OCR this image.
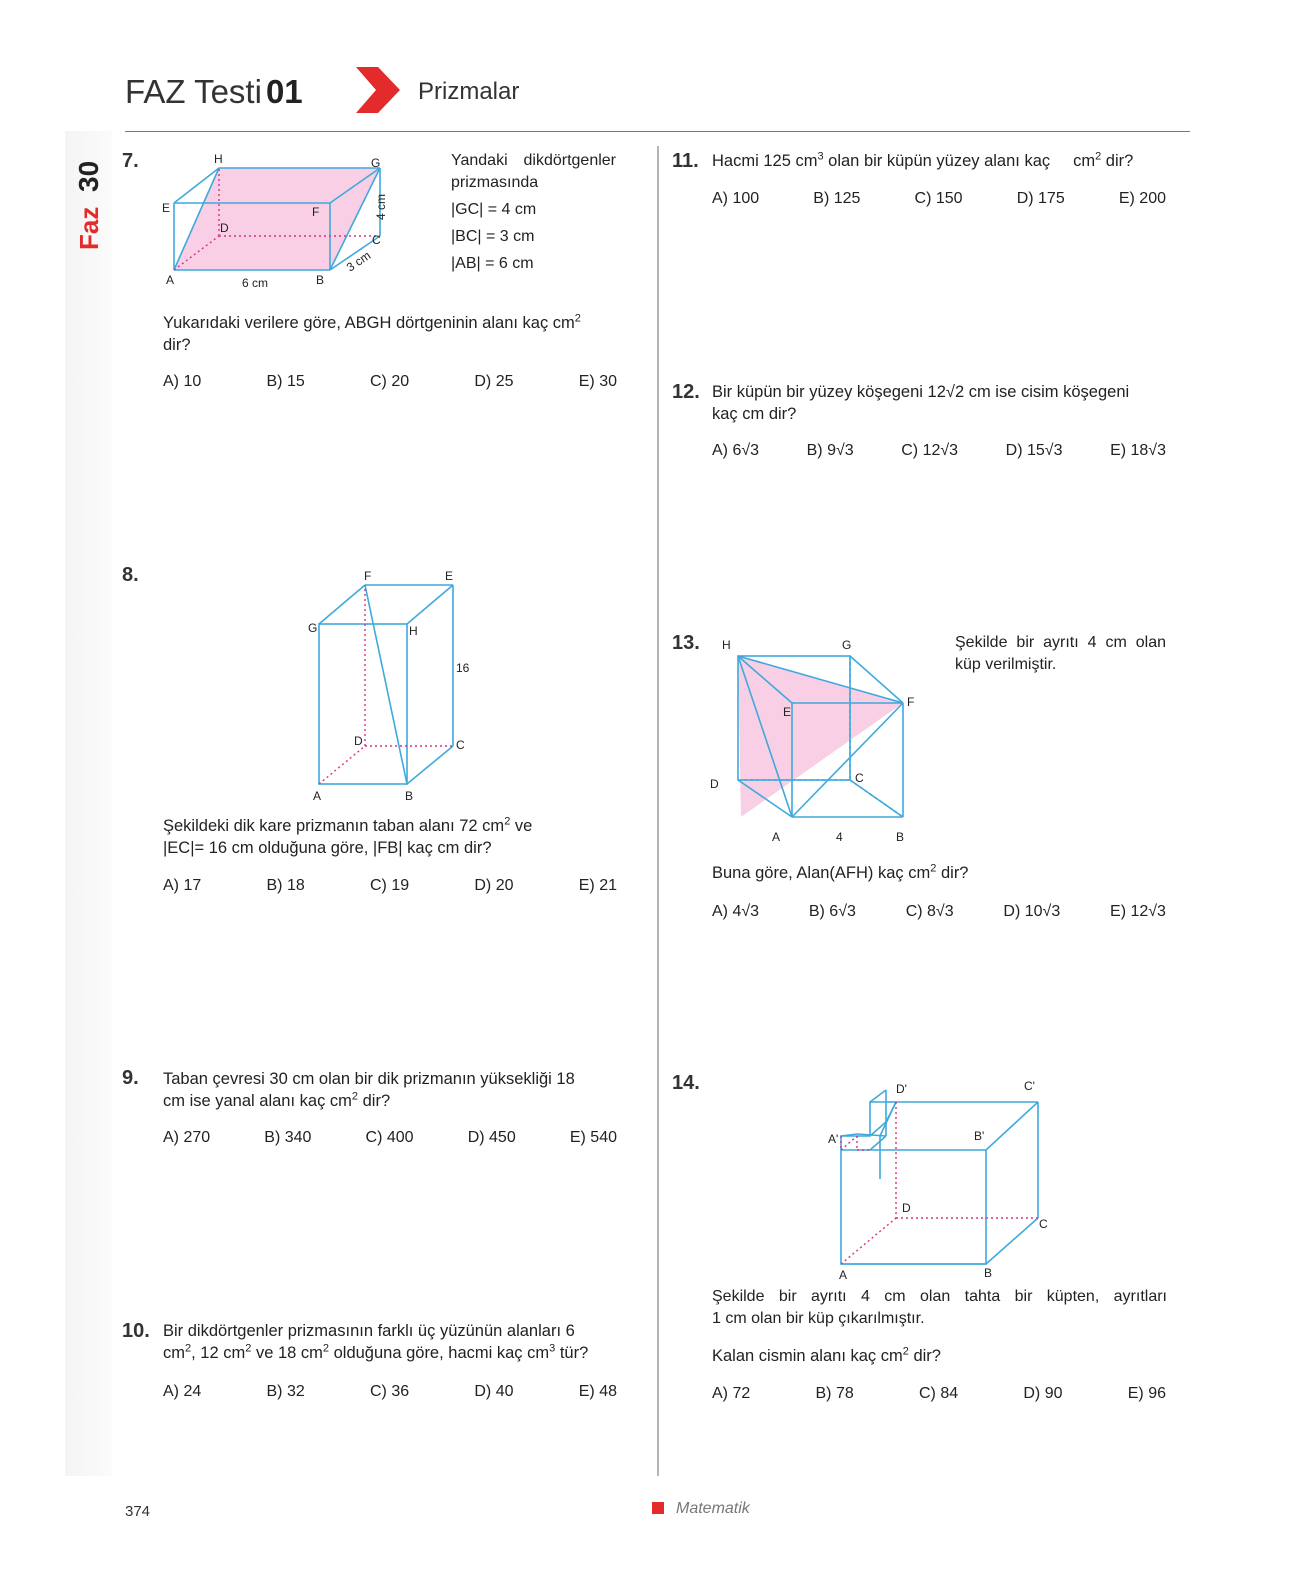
FAZ Testi 01	Prizmalar
Faz
30 7.	H	G
E	F
D
C
A	B
6 cm
3 cm
4 cm
Yandaki dikdörtgenler
prizmasında
|GC| = 4 cm
|BC| = 3 cm
|AB| = 6 cm
Yukarıdaki verilere göre, ABGH dörtgeninin alanı kaç $cm^2$
dir?
A) 10	B) 15	C) 20	D) 25	E) 30
8.	F	E
G	H
D	C
A	B
16
Şekildeki dik kare prizmanın taban alanı 72 $cm^2$ ve
|EC|= 16 cm olduğuna göre, |FB| kaç cm dir?
A) 17	B) 18	C) 19	D) 20	E) 21
9. Taban çevresi 30 cm olan bir dik prizmanın yüksekliği 18
cm ise yanal alanı kaç $cm^2$ dir?
A) 270	B) 340	C) 400	D) 450	E) 540
10. Bir dikdörtgenler prizmasının farklı üç yüzünün alanları 6
$cm^2$, 12 $cm^2$ ve 18 $cm^2$ olduğuna göre, hacmi kaç $cm^3$ tür?
A) 24	B) 32	C) 36	D) 40	E) 48
11. Hacmi 125 $cm^3$ olan bir küpün yüzey alanı kaç $cm^2$ dir?
A) 100	B) 125	C) 150	D) 175	E) 200
12. Bir küpün bir yüzey köşegeni 12√2 cm ise cisim köşegeni
kaç cm dir?
A) 6√3	B) 9√3	C) 12√3	D) 15√3	E) 18√3
13. H	G
F
E
D	C
A	B
4
Şekilde bir ayrıtı 4 cm olan
küp verilmiştir.
Buna göre, Alan(AFH) kaç $cm^2$ dir?
A) 4√3	B) 6√3	C) 8√3	D) 10√3	E) 12√3
14.	D'	C'
A'	B'
D
C
A	B
Şekilde bir ayrıtı 4 cm olan tahta bir küpten, ayrıtları
1 cm olan bir küp çıkarılmıştır.
Kalan cismin alanı kaç $cm^2$ dir?
A) 72	B) 78	C) 84	D) 90	E) 96
374	Matematik
